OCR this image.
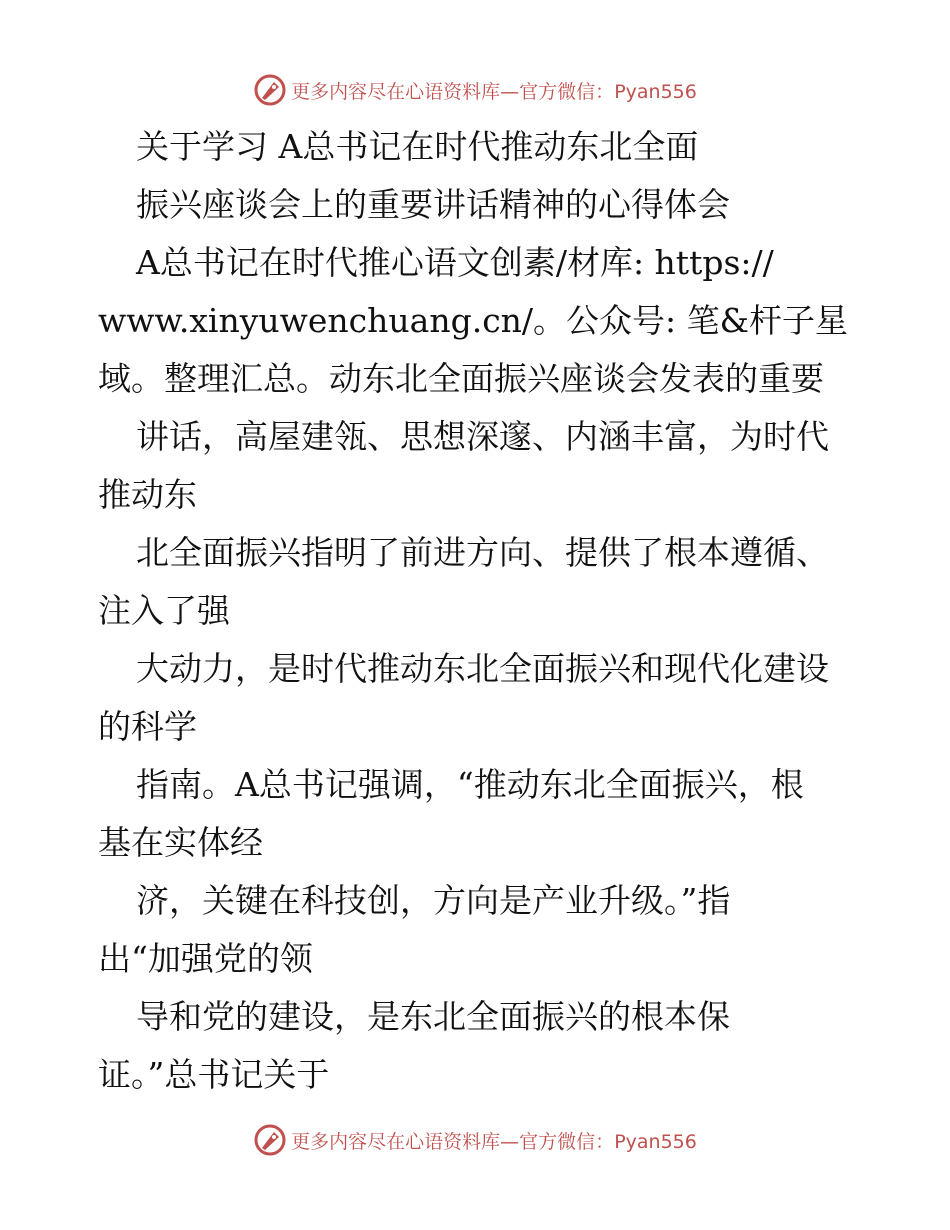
更多内容尽在心语资料库—官方微信：Pyan556
关于学习 A总书记在时代推动东北全面
振兴座谈会上的重要讲话精神的心得体会
A总书记在时代推心语文创素/材库: https://
www.xinyuwenchuang.cn/。公众号: 笔&杆子星
域。整理汇总。动东北全面振兴座谈会发表的重要
讲话，高屋建瓴、思想深邃、内涵丰富，为时代
推动东
北全面振兴指明了前进方向、提供了根本遵循、
注入了强
大动力，是时代推动东北全面振兴和现代化建设
的科学
指南。A总书记强调，“推动东北全面振兴，根
基在实体经
济，关键在科技创，方向是产业升级。”指
出“加强党的领
导和党的建设，是东北全面振兴的根本保
证。”总书记关于
更多内容尽在心语资料库—官方微信：Pyan556
